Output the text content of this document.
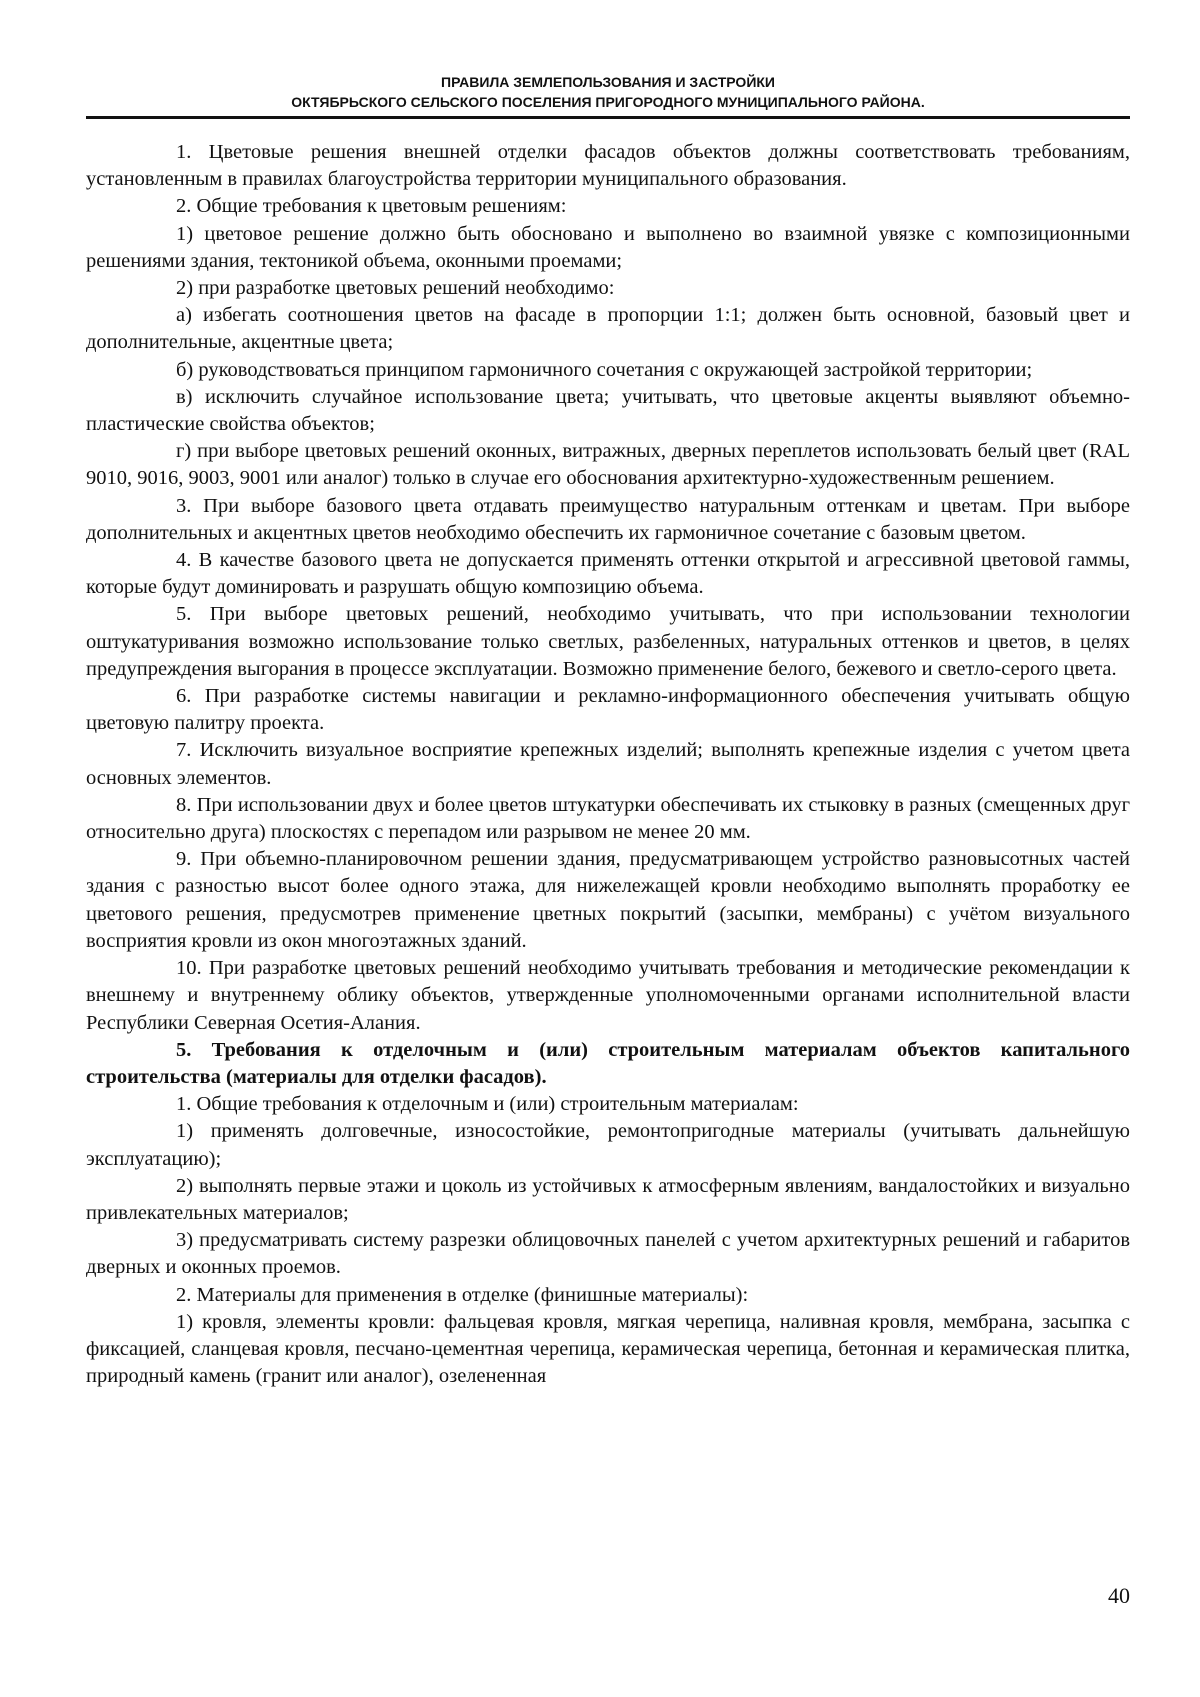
ПРАВИЛА ЗЕМЛЕПОЛЬЗОВАНИЯ И ЗАСТРОЙКИ
ОКТЯБРЬСКОГО СЕЛЬСКОГО ПОСЕЛЕНИЯ ПРИГОРОДНОГО МУНИЦИПАЛЬНОГО РАЙОНА.

1. Цветовые решения внешней отделки фасадов объектов должны соответствовать требованиям, установленным в правилах благоустройства территории муниципального образования.

2. Общие требования к цветовым решениям:

1) цветовое решение должно быть обосновано и выполнено во взаимной увязке с композиционными решениями здания, тектоникой объема, оконными проемами;

2) при разработке цветовых решений необходимо:

а) избегать соотношения цветов на фасаде в пропорции 1:1; должен быть основной, базовый цвет и дополнительные, акцентные цвета;

б) руководствоваться принципом гармоничного сочетания с окружающей застройкой территории;

в) исключить случайное использование цвета; учитывать, что цветовые акценты выявляют объемно-пластические свойства объектов;

г) при выборе цветовых решений оконных, витражных, дверных переплетов использовать белый цвет (RAL 9010, 9016, 9003, 9001 или аналог) только в случае его обоснования архитектурно-художественным решением.

3. При выборе базового цвета отдавать преимущество натуральным оттенкам и цветам. При выборе дополнительных и акцентных цветов необходимо обеспечить их гармоничное сочетание с базовым цветом.

4. В качестве базового цвета не допускается применять оттенки открытой и агрессивной цветовой гаммы, которые будут доминировать и разрушать общую композицию объема.

5. При выборе цветовых решений, необходимо учитывать, что при использовании технологии оштукатуривания возможно использование только светлых, разбеленных, натуральных оттенков и цветов, в целях предупреждения выгорания в процессе эксплуатации. Возможно применение белого, бежевого и светло-серого цвета.

6. При разработке системы навигации и рекламно-информационного обеспечения учитывать общую цветовую палитру проекта.

7. Исключить визуальное восприятие крепежных изделий; выполнять крепежные изделия с учетом цвета основных элементов.

8. При использовании двух и более цветов штукатурки обеспечивать их стыковку в разных (смещенных друг относительно друга) плоскостях с перепадом или разрывом не менее 20 мм.

9. При объемно-планировочном решении здания, предусматривающем устройство разновысотных частей здания с разностью высот более одного этажа, для нижележащей кровли необходимо выполнять проработку ее цветового решения, предусмотрев применение цветных покрытий (засыпки, мембраны) с учётом визуального восприятия кровли из окон многоэтажных зданий.

10. При разработке цветовых решений необходимо учитывать требования и методические рекомендации к внешнему и внутреннему облику объектов, утвержденные уполномоченными органами исполнительной власти Республики Северная Осетия-Алания.

5. Требования к отделочным и (или) строительным материалам объектов капитального строительства (материалы для отделки фасадов).

1. Общие требования к отделочным и (или) строительным материалам:

1) применять долговечные, износостойкие, ремонтопригодные материалы (учитывать дальнейшую эксплуатацию);

2) выполнять первые этажи и цоколь из устойчивых к атмосферным явлениям, вандалостойких и визуально привлекательных материалов;

3) предусматривать систему разрезки облицовочных панелей с учетом архитектурных решений и габаритов дверных и оконных проемов.

2. Материалы для применения в отделке (финишные материалы):

1) кровля, элементы кровли: фальцевая кровля, мягкая черепица, наливная кровля, мембрана, засыпка с фиксацией, сланцевая кровля, песчано-цементная черепица, керамическая черепица, бетонная и керамическая плитка, природный камень (гранит или аналог), озелененная

40
